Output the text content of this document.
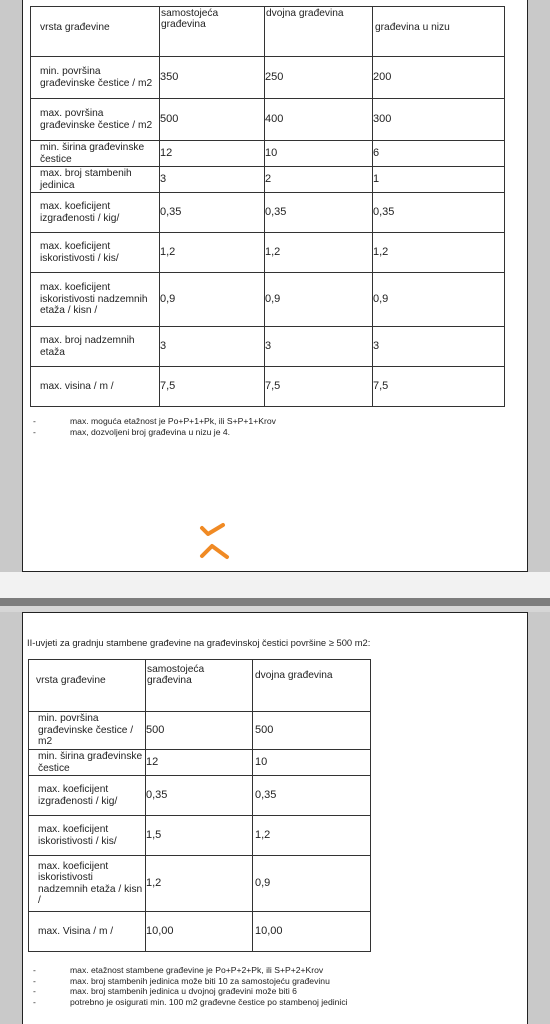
vrsta građevine	samostojeća građevina	dvojna građevina	građevina u nizu

min. površina građevinske čestice / m2	350	250	200
max. površina građevinske čestice / m2	500	400	300
min. širina građevinske čestice	12	10	6
max. broj stambenih jedinica	3	2	1
max. koeficijent izgrađenosti / kig/	0,35	0,35	0,35
max. koeficijent iskoristivosti / kis/	1,2	1,2	1,2
max. koeficijent iskoristivosti nadzemnih etaža / kisn /	0,9	0,9	0,9
max. broj nadzemnih etaža	3	3	3
max. visina / m /	7,5	7,5	7,5
-	max. moguća etažnost je Po+P+1+Pk, ili S+P+1+Krov
-	max, dozvoljeni broj građevina u nizu je 4.
II-uvjeti za gradnju stambene građevine na građevinskoj čestici površine ≥ 500 m2:
vrsta građevine	samostojeća građevina	dvojna građevina
min. površina građevinske čestice / m2	500	500
min. širina građevinske čestice	12	10
max. koeficijent izgrađenosti / kig/	0,35	0,35
max. koeficijent iskoristivosti / kis/	1,5	1,2
max. koeficijent iskoristivosti nadzemnih etaža / kisn /	1,2	0,9
max. Visina / m /	10,00	10,00
-	max. etažnost stambene građevine je Po+P+2+Pk, ili S+P+2+Krov
-	max. broj stambenih jedinica može biti 10 za samostojeću građevinu
-	max. broj stambenih jedinica u dvojnoj građevini može biti 6
-	potrebno je osigurati min. 100 m2 građevne čestice po stambenoj jedinici
